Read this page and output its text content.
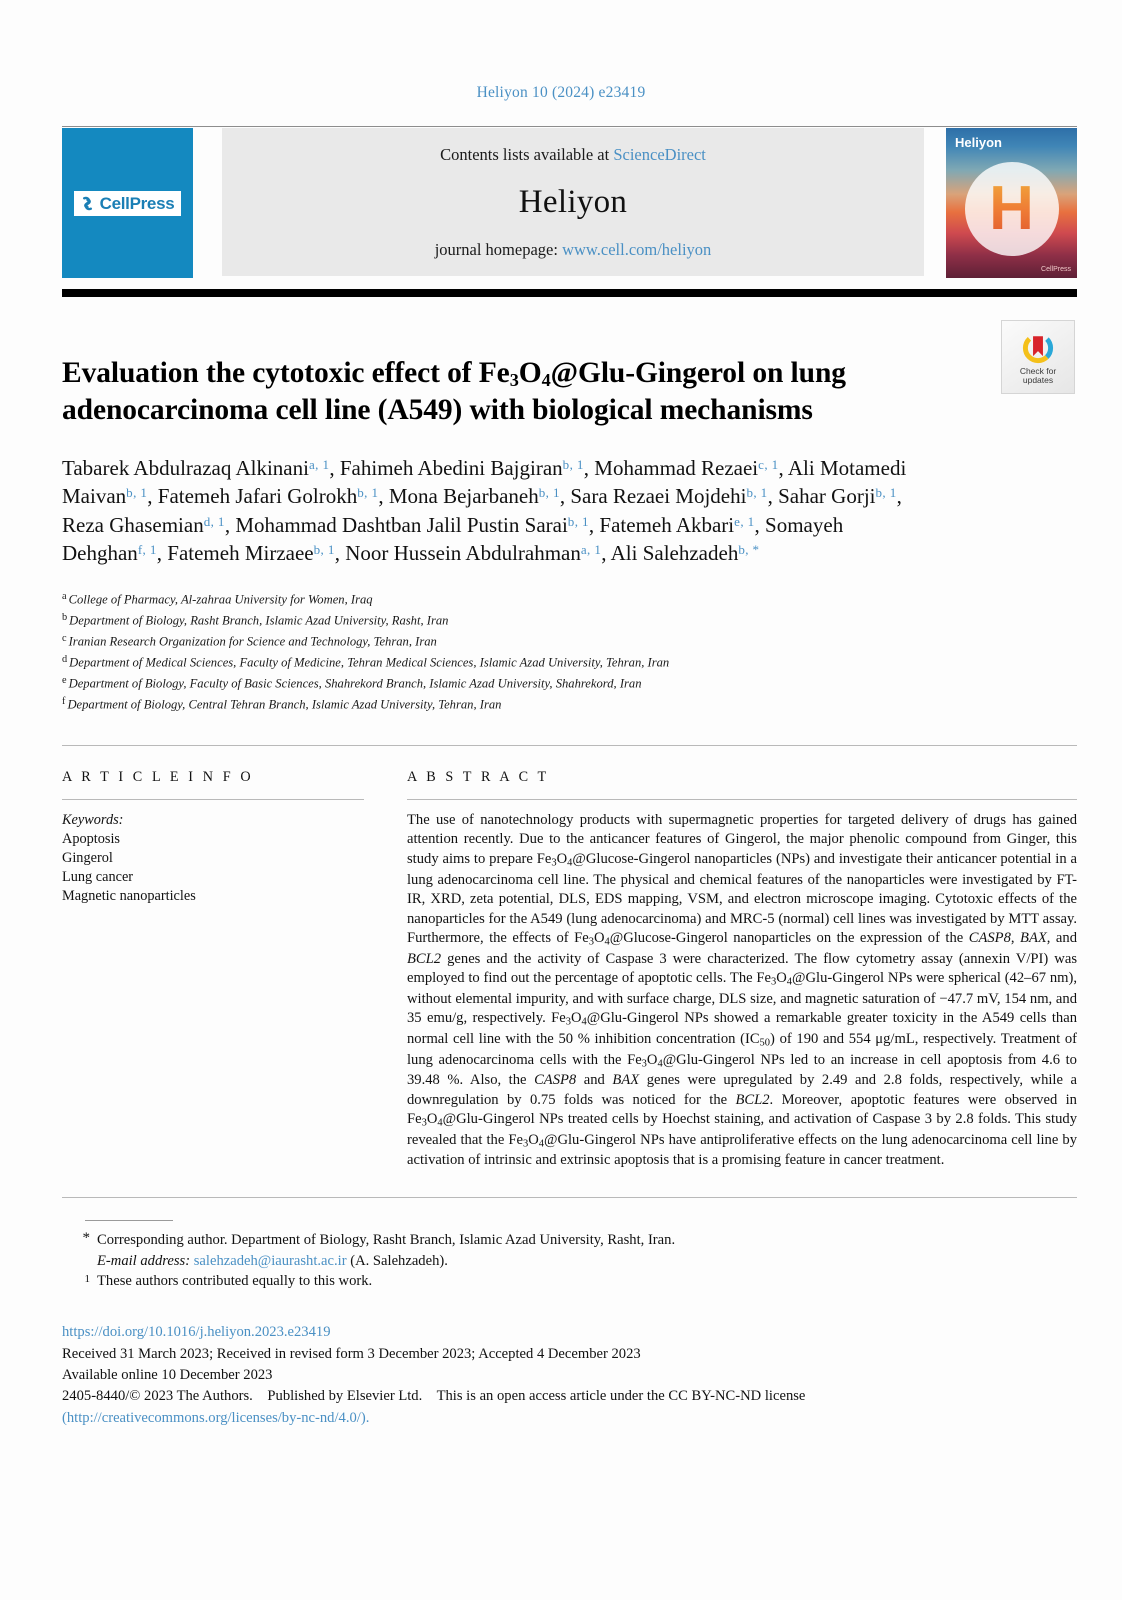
Heliyon 10 (2024) e23419
CellPress
Contents lists available at ScienceDirect
Heliyon
journal homepage: www.cell.com/heliyon
Heliyon
H
CellPress
Check for
updates
Evaluation the cytotoxic effect of $Fe_3O_4@Glu$-Gingerol on lung adenocarcinoma cell line (A549) with biological mechanisms
Tabarek Abdulrazaq Alkinani$^{a, 1}$, Fahimeh Abedini Bajgiran$^{b, 1}$, Mohammad Rezaei$^{c, 1}$, Ali Motamedi Maivan$^{b, 1}$, Fatemeh Jafari Golrokh$^{b, 1}$, Mona Bejarbaneh$^{b, 1}$, Sara Rezaei Mojdehi$^{b, 1}$, Sahar Gorji$^{b, 1}$, Reza Ghasemian$^{d, 1}$, Mohammad Dashtban Jalil Pustin Sarai$^{b, 1}$, Fatemeh Akbari$^{e, 1}$, Somayeh Dehghan$^{f, 1}$, Fatemeh Mirzaee$^{b, 1}$, Noor Hussein Abdulrahman$^{a, 1}$, Ali Salehzadeh$^{b, *}$
$^a$ College of Pharmacy, Al-zahraa University for Women, Iraq
$^b$ Department of Biology, Rasht Branch, Islamic Azad University, Rasht, Iran
$^c$ Iranian Research Organization for Science and Technology, Tehran, Iran
$^d$ Department of Medical Sciences, Faculty of Medicine, Tehran Medical Sciences, Islamic Azad University, Tehran, Iran
$^e$ Department of Biology, Faculty of Basic Sciences, Shahrekord Branch, Islamic Azad University, Shahrekord, Iran
$^f$ Department of Biology, Central Tehran Branch, Islamic Azad University, Tehran, Iran
A R T I C L E I N F O
Keywords:
Apoptosis
Gingerol
Lung cancer
Magnetic nanoparticles
A B S T R A C T
The use of nanotechnology products with supermagnetic properties for targeted delivery of drugs has gained attention recently. Due to the anticancer features of Gingerol, the major phenolic compound from Ginger, this study aims to prepare $Fe_3O_4@Glucose$-Gingerol nanoparticles (NPs) and investigate their anticancer potential in a lung adenocarcinoma cell line. The physical and chemical features of the nanoparticles were investigated by FT-IR, XRD, zeta potential, DLS, EDS mapping, VSM, and electron microscope imaging. Cytotoxic effects of the nanoparticles for the A549 (lung adenocarcinoma) and MRC-5 (normal) cell lines was investigated by MTT assay. Furthermore, the effects of $Fe_3O_4@Glucose$-Gingerol nanoparticles on the expression of the CASP8, BAX, and BCL2 genes and the activity of Caspase 3 were characterized. The flow cytometry assay (annexin V/PI) was employed to find out the percentage of apoptotic cells. The $Fe_3O_4@Glu$-Gingerol NPs were spherical (42–67 nm), without elemental impurity, and with surface charge, DLS size, and magnetic saturation of −47.7 mV, 154 nm, and 35 emu/g, respectively. $Fe_3O_4@Glu$-Gingerol NPs showed a remarkable greater toxicity in the A549 cells than normal cell line with the 50 % inhibition concentration $(IC_{50})$ of 190 and 554 μg/mL, respectively. Treatment of lung adenocarcinoma cells with the $Fe_3O_4@Glu$-Gingerol NPs led to an increase in cell apoptosis from 4.6 to 39.48 %. Also, the CASP8 and BAX genes were upregulated by 2.49 and 2.8 folds, respectively, while a downregulation by 0.75 folds was noticed for the BCL2. Moreover, apoptotic features were observed in $Fe_3O_4@Glu$-Gingerol NPs treated cells by Hoechst staining, and activation of Caspase 3 by 2.8 folds. This study revealed that the $Fe_3O_4@Glu$-Gingerol NPs have antiproliferative effects on the lung adenocarcinoma cell line by activation of intrinsic and extrinsic apoptosis that is a promising feature in cancer treatment.
* Corresponding author. Department of Biology, Rasht Branch, Islamic Azad University, Rasht, Iran.
E-mail address: salehzadeh@iaurasht.ac.ir (A. Salehzadeh).
1 These authors contributed equally to this work.
https://doi.org/10.1016/j.heliyon.2023.e23419
Received 31 March 2023; Received in revised form 3 December 2023; Accepted 4 December 2023
Available online 10 December 2023
2405-8440/© 2023 The Authors. Published by Elsevier Ltd. This is an open access article under the CC BY-NC-ND license
(http://creativecommons.org/licenses/by-nc-nd/4.0/).
